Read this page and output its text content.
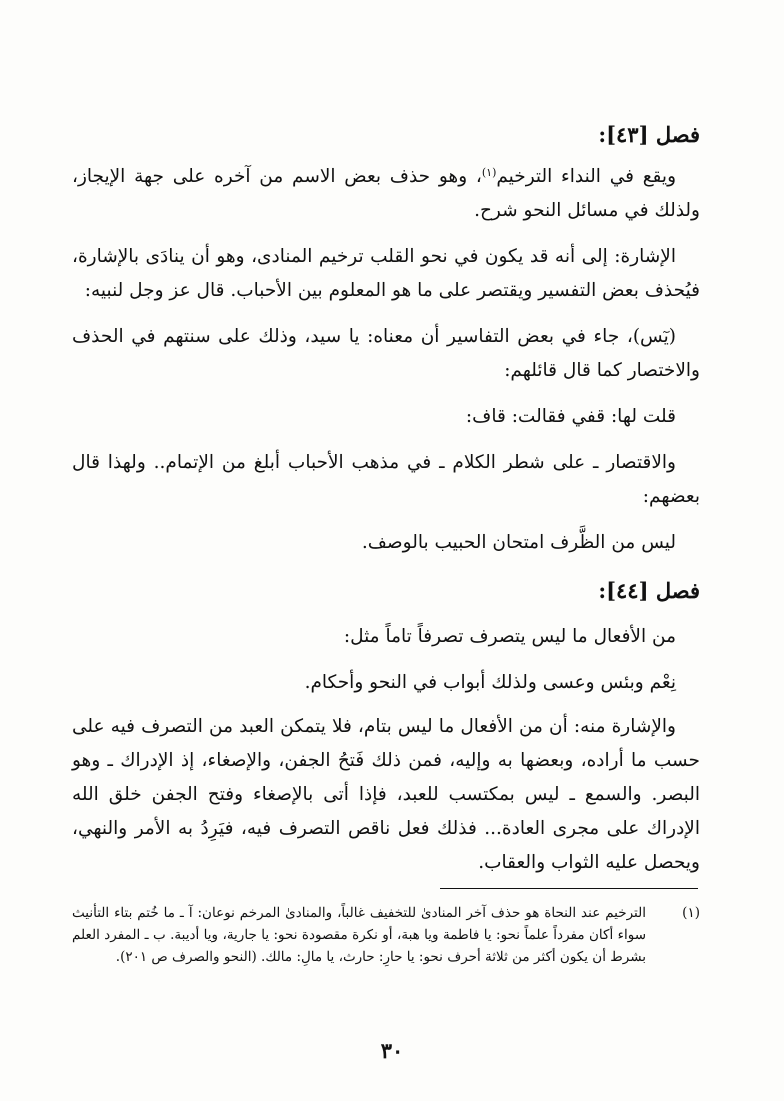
فصل [٤٣]:
ويقع في النداء الترخيم$^{(١)}$، وهو حذف بعض الاسم من آخره على جهة الإيجاز، ولذلك في مسائل النحو شرح.
الإشارة: إلى أنه قد يكون في نحو القلب ترخيم المنادى، وهو أن ينادَى بالإشارة، فيُحذف بعض التفسير ويقتصر على ما هو المعلوم بين الأحباب. قال عز وجل لنبيه:
(يٓس)، جاء في بعض التفاسير أن معناه: يا سيد، وذلك على سنتهم في الحذف والاختصار كما قال قائلهم:
قلت لها: قفي فقالت: قاف:
والاقتصار ـ على شطر الكلام ـ في مذهب الأحباب أبلغ من الإتمام.. ولهذا قال بعضهم:
ليس من الظَّرف امتحان الحبيب بالوصف.
فصل [٤٤]:
من الأفعال ما ليس يتصرف تصرفاً تاماً مثل:
نِعْم وبئس وعسى ولذلك أبواب في النحو وأحكام.
والإشارة منه: أن من الأفعال ما ليس بتام، فلا يتمكن العبد من التصرف فيه على حسب ما أراده، وبعضها به وإليه، فمن ذلك فَتحُ الجفن، والإصغاء، إذ الإدراك ـ وهو البصر. والسمع ـ ليس بمكتسب للعبد، فإذا أتى بالإصغاء وفتح الجفن خلق الله الإدراك على مجرى العادة... فذلك فعل ناقص التصرف فيه، فيَرِدُ به الأمر والنهي، ويحصل عليه الثواب والعقاب.
(١)
الترخيم عند النحاة هو حذف آخر المنادىٰ للتخفيف غالباً، والمنادىٰ المرخم نوعان: آ ـ ما خُتم بتاء التأنيث سواء أكان مفرداً علماً نحو: يا فاطمة ويا هبة، أو نكرة مقصودة نحو: يا جارية، ويا أديبة. ب ـ المفرد العلم بشرط أن يكون أكثر من ثلاثة أحرف نحو: يا حارِ: حارث، يا مالِ: مالك. (النحو والصرف ص ٢٠١).
٣٠
